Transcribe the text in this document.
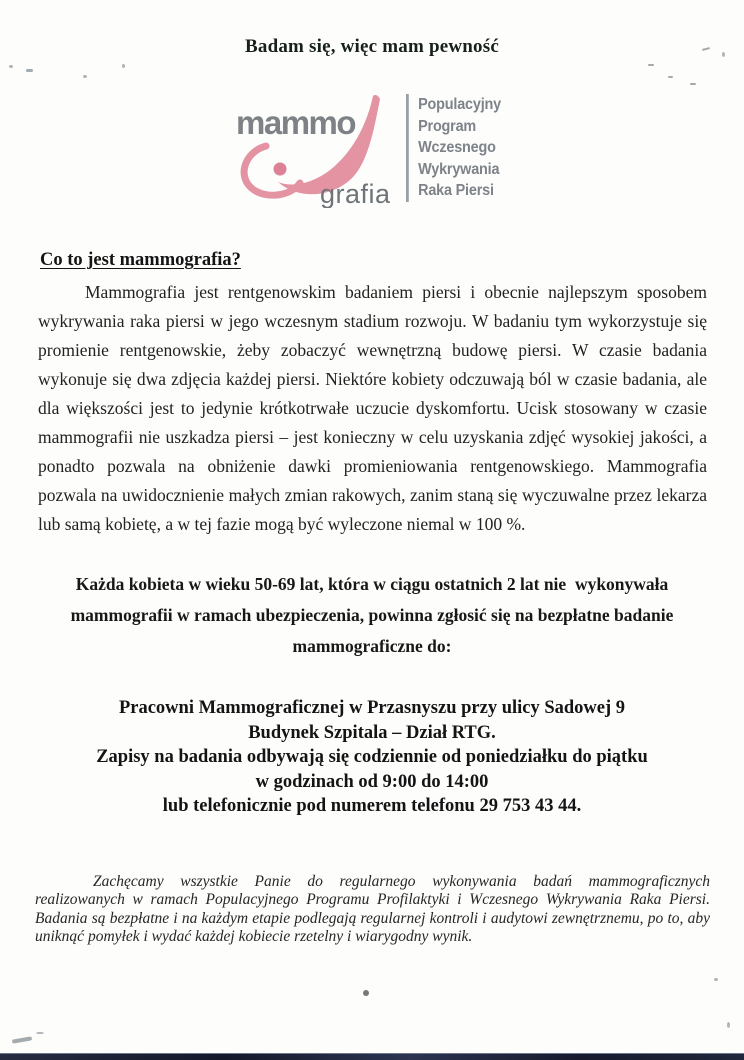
Badam się, więc mam pewność
mammo
grafia
Populacyjny
Program
Wczesnego
Wykrywania
Raka Piersi
Co to jest mammografia?

Mammografia jest rentgenowskim badaniem piersi i obecnie najlepszym sposobem wykrywania raka piersi w jego wczesnym stadium rozwoju. W badaniu tym wykorzystuje się promienie rentgenowskie, żeby zobaczyć wewnętrzną budowę piersi. W czasie badania wykonuje się dwa zdjęcia każdej piersi. Niektóre kobiety odczuwają ból w czasie badania, ale dla większości jest to jedynie krótkotrwałe uczucie dyskomfortu. Ucisk stosowany w czasie mammografii nie uszkadza piersi – jest konieczny w celu uzyskania zdjęć wysokiej jakości, a ponadto pozwala na obniżenie dawki promieniowania rentgenowskiego. Mammografia pozwala na uwidocznienie małych zmian rakowych, zanim staną się wyczuwalne przez lekarza lub samą kobietę, a w tej fazie mogą być wyleczone niemal w 100 %.

Każda kobieta w wieku 50-69 lat, która w ciągu ostatnich 2 lat nie  wykonywała
mammografii w ramach ubezpieczenia, powinna zgłosić się na bezpłatne badanie
mammograficzne do:
Pracowni Mammograficznej w Przasnyszu przy ulicy Sadowej 9
Budynek Szpitala – Dział RTG.
Zapisy na badania odbywają się codziennie od poniedziałku do piątku
w godzinach od 9:00 do 14:00
lub telefonicznie pod numerem telefonu 29 753 43 44.

Zachęcamy wszystkie Panie do regularnego wykonywania badań mammograficznych realizowanych w ramach Populacyjnego Programu Profilaktyki i Wczesnego Wykrywania Raka Piersi. Badania są bezpłatne i na każdym etapie podlegają regularnej kontroli i audytowi zewnętrznemu, po to, aby uniknąć pomyłek i wydać każdej kobiecie rzetelny i wiarygodny wynik.
